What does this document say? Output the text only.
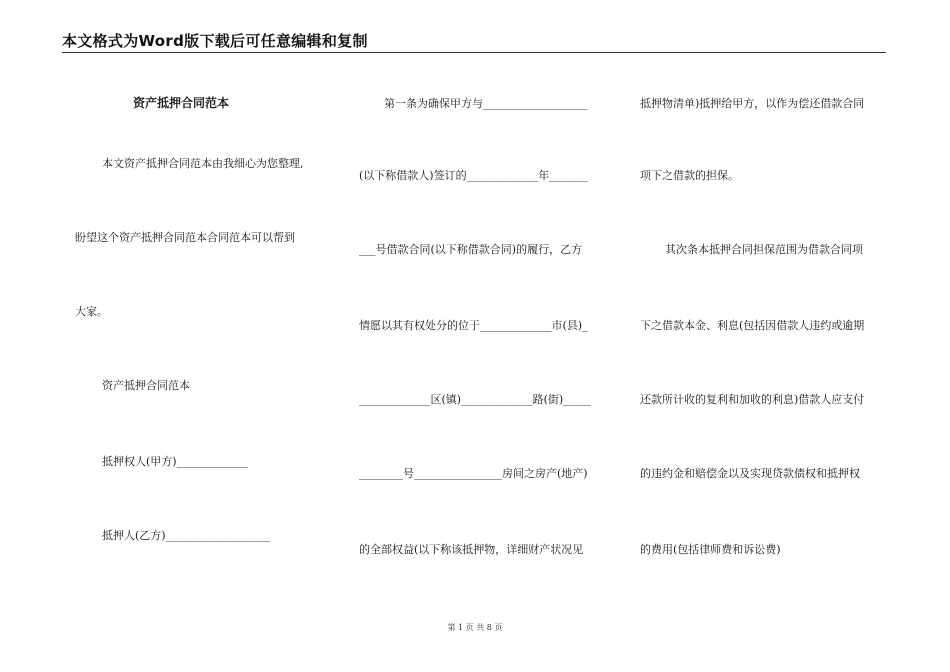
本文格式为Word版下载后可任意编辑和复制
资产抵押合同范本
本文资产抵押合同范本由我细心为您整理,
盼望这个资产抵押合同范本合同范本可以帮到
大家。
资产抵押合同范本
抵押权人(甲方)_____________
抵押人(乙方)___________________
第一条为确保甲方与___________________
(以下称借款人)签订的_____________年_______
___号借款合同(以下称借款合同)的履行，乙方
情愿以其有权处分的位于_____________市(县)_
_____________区(镇)_____________路(街)_____
________号________________房间之房产(地产)
的全部权益(以下称该抵押物，详细财产状况见
抵押物清单)抵押给甲方，以作为偿还借款合同
项下之借款的担保。
其次条本抵押合同担保范围为借款合同项
下之借款本金、利息(包括因借款人违约或逾期
还款所计收的复利和加收的利息)借款人应支付
的违约金和赔偿金以及实现贷款债权和抵押权
的费用(包括律师费和诉讼费)
第 1 页 共 8 页
